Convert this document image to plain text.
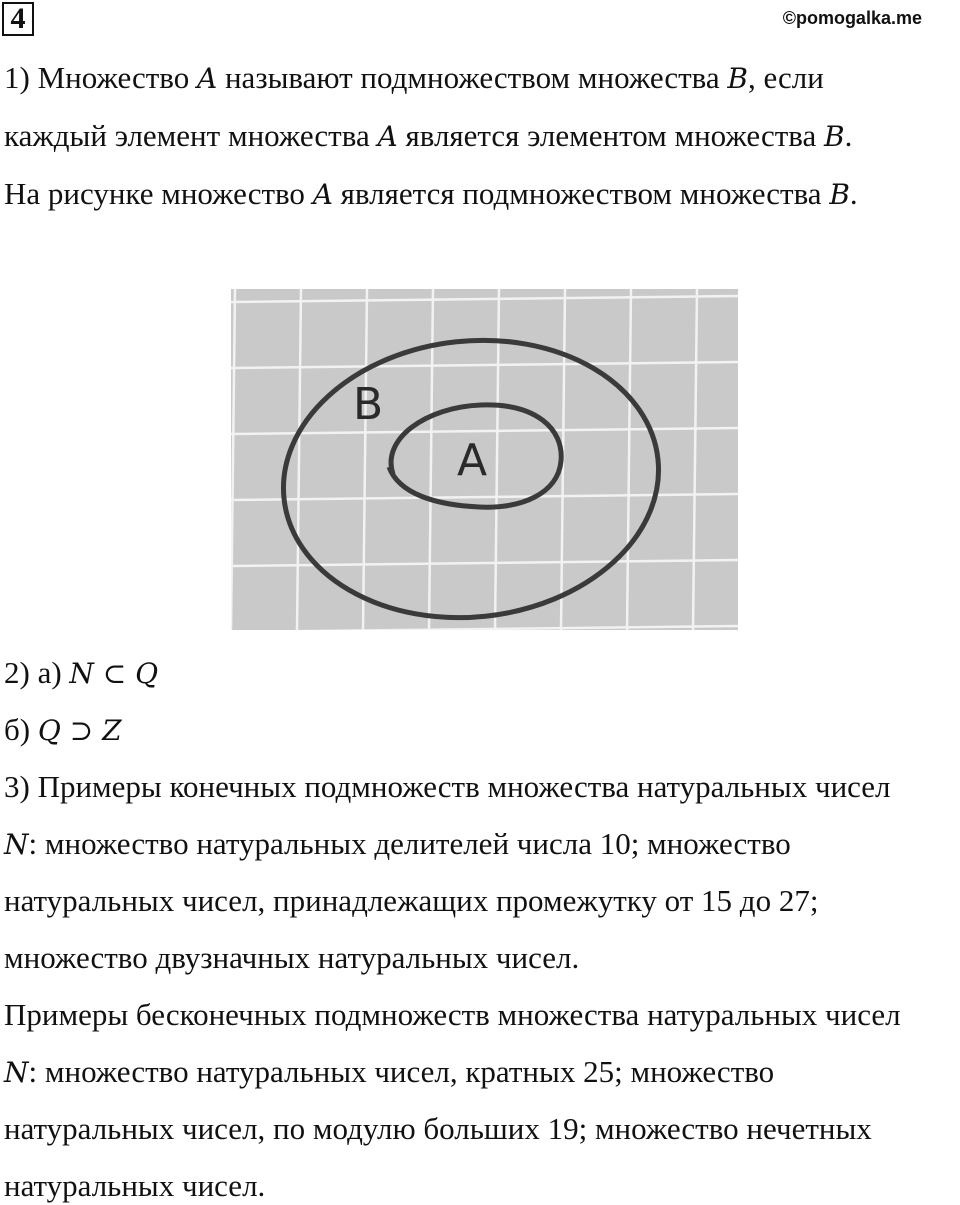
4	©pomogalka.me
1) Множество A называют подмножеством множества B, если
каждый элемент множества A является элементом множества B.
На рисунке множество A является подмножеством множества B.
B
A
2) а) N ⊂ Q
б) Q ⊃ Z
3) Примеры конечных подмножеств множества натуральных чисел
N: множество натуральных делителей числа 10; множество
натуральных чисел, принадлежащих промежутку от 15 до 27;
множество двузначных натуральных чисел.
Примеры бесконечных подмножеств множества натуральных чисел
N: множество натуральных чисел, кратных 25; множество
натуральных чисел, по модулю больших 19; множество нечетных
натуральных чисел.
